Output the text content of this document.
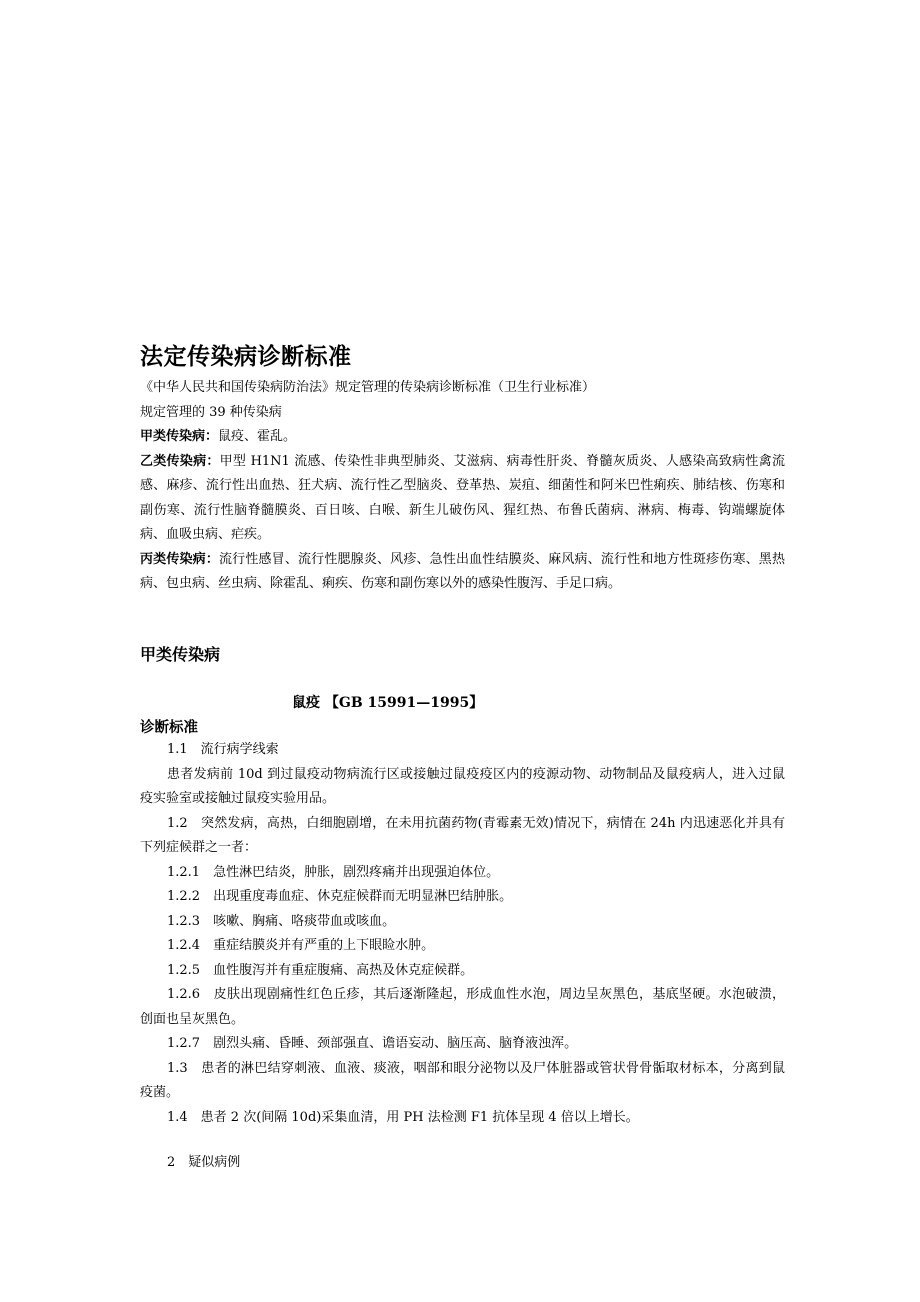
法定传染病诊断标准

《中华人民共和国传染病防治法》规定管理的传染病诊断标准（卫生行业标准）

规定管理的 39 种传染病

甲类传染病：鼠疫、霍乱。

乙类传染病：甲型 H1N1 流感、传染性非典型肺炎、艾滋病、病毒性肝炎、脊髓灰质炎、人感染高致病性禽流感、麻疹、流行性出血热、狂犬病、流行性乙型脑炎、登革热、炭疽、细菌性和阿米巴性痢疾、肺结核、伤寒和副伤寒、流行性脑脊髓膜炎、百日咳、白喉、新生儿破伤风、猩红热、布鲁氏菌病、淋病、梅毒、钩端螺旋体病、血吸虫病、疟疾。

丙类传染病：流行性感冒、流行性腮腺炎、风疹、急性出血性结膜炎、麻风病、流行性和地方性斑疹伤寒、黑热病、包虫病、丝虫病、除霍乱、痢疾、伤寒和副伤寒以外的感染性腹泻、手足口病。

甲类传染病
鼠疫 【GB 15991—1995】
诊断标准

1.1　流行病学线索

患者发病前 10d 到过鼠疫动物病流行区或接触过鼠疫疫区内的疫源动物、动物制品及鼠疫病人，进入过鼠疫实验室或接触过鼠疫实验用品。

1.2　突然发病，高热，白细胞剧增，在未用抗菌药物(青霉素无效)情况下，病情在 24h 内迅速恶化并具有下列症候群之一者：

1.2.1　急性淋巴结炎，肿胀，剧烈疼痛并出现强迫体位。

1.2.2　出现重度毒血症、休克症候群而无明显淋巴结肿胀。

1.2.3　咳嗽、胸痛、咯痰带血或咳血。

1.2.4　重症结膜炎并有严重的上下眼睑水肿。

1.2.5　血性腹泻并有重症腹痛、高热及休克症候群。

1.2.6　皮肤出现剧痛性红色丘疹，其后逐渐隆起，形成血性水泡，周边呈灰黑色，基底坚硬。水泡破溃，创面也呈灰黑色。

1.2.7　剧烈头痛、昏睡、颈部强直、谵语妄动、脑压高、脑脊液浊浑。

1.3　患者的淋巴结穿刺液、血液、痰液，咽部和眼分泌物以及尸体脏器或管状骨骨骺取材标本，分离到鼠疫菌。

1.4　患者 2 次(间隔 10d)采集血清，用 PH 法检测 F1 抗体呈现 4 倍以上增长。

2　疑似病例
